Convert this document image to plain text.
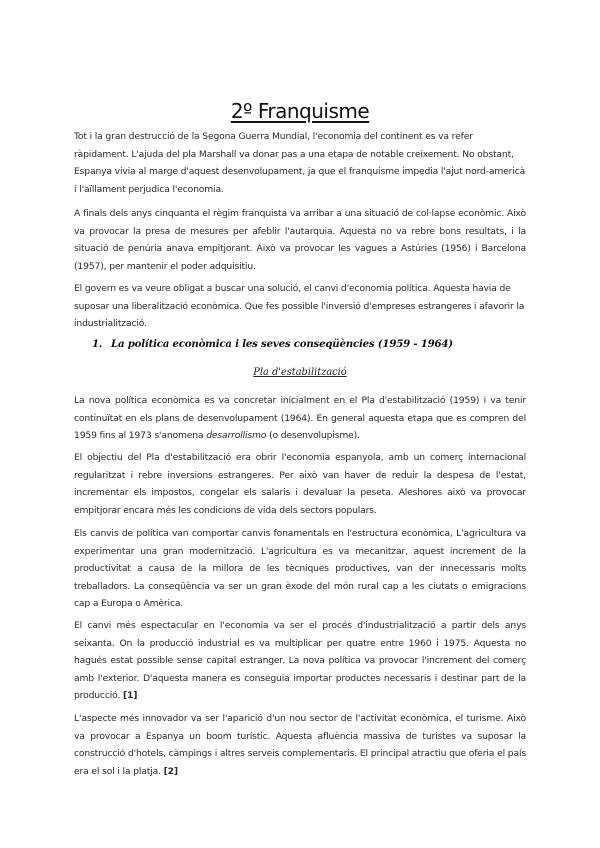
2º Franquisme

Tot i la gran destrucció de la Segona Guerra Mundial, l'economia del continent es va refer ràpidament. L'ajuda del pla Marshall va donar pas a una etapa de notable creixement. No obstant, Espanya vivia al marge d'aquest desenvolupament, ja que el franquisme impedia l'ajut nord-americà i l'aïllament perjudica l'economia.

A finals dels anys cinquanta el règim franquista va arribar a una situació de col·lapse econòmic. Això va provocar la presa de mesures per afeblir l'autarquia. Aquesta no va rebre bons resultats, i la situació de penúria anava empitjorant. Això va provocar les vagues a Astúries (1956) i Barcelona (1957), per mantenir el poder adquisitiu.

El govern es va veure obligat a buscar una solució, el canvi d'economia política. Aquesta havia de suposar una liberalització econòmica. Que fes possible l'inversió d'empreses estrangeres i afavorir la industrialització.

1. La política econòmica i les seves conseqüències (1959 - 1964)
Pla d'estabilització

La nova política econòmica es va concretar inicialment en el Pla d'estabilització (1959) i va tenir continuïtat en els plans de desenvolupament (1964). En general aquesta etapa que es compren del 1959 fins al 1973 s'anomena desarrollismo (o desenvolupisme).

El objectiu del Pla d'estabilització era obrir l'economia espanyola, amb un comerç internacional regularitzat i rebre inversions estrangeres. Per això van haver de reduir la despesa de l'estat, incrementar els impostos, congelar els salaris i devaluar la peseta. Aleshores això va provocar empitjorar encara més les condicions de vida dels sectors populars.

Els canvis de política van comportar canvis fonamentals en l'estructura econòmica, L'agricultura va experimentar una gran modernització. L'agricultura es va mecanitzar, aquest increment de la productivitat a causa de la millora de les tècniques productives, van der innecessaris molts treballadors. La conseqüència va ser un gran èxode del món rural cap a les ciutats o emigracions cap a Europa o Amèrica.

El canvi més espectacular en l'economia va ser el procés d'industrialització a partir dels anys seixanta. On la producció industrial es va multiplicar per quatre entre 1960 i 1975. Aquesta no hagués estat possible sense capital estranger. La nova política va provocar l'increment del comerç amb l'exterior. D'aquesta manera es conseguia importar productes necessaris i destinar part de la producció. [1]

L'aspecte més innovador va ser l'aparició d'un nou sector de l'activitat econòmica, el turisme. Això va provocar a Espanya un boom turístic. Aquesta afluència massiva de turistes va suposar la construcció d'hotels, càmpings i altres serveis complementaris. El principal atractiu que oferia el país era el sol i la platja. [2]
